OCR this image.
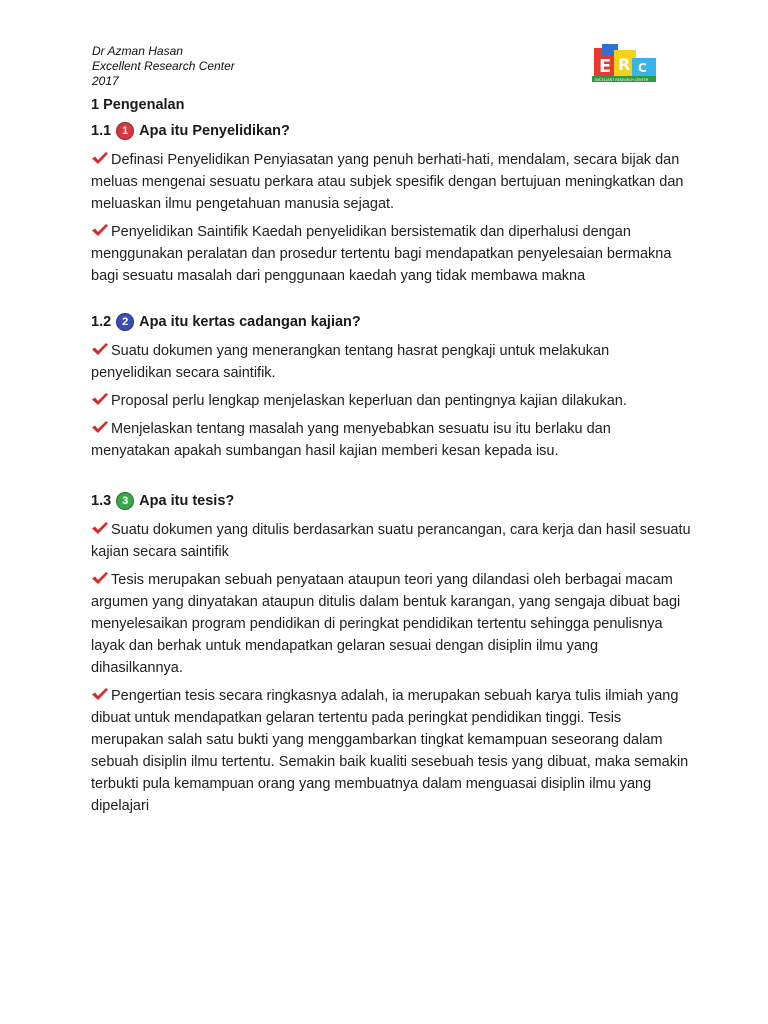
Dr Azman Hasan
Excellent Research Center
2017
E R C
EXCELLENT RESEARCH CENTER
1 Pengenalan
1.1 1 Apa itu Penyelidikan?
Definasi Penyelidikan Penyiasatan yang penuh berhati-hati, mendalam, secara bijak dan meluas mengenai sesuatu perkara atau subjek spesifik dengan bertujuan meningkatkan dan meluaskan ilmu pengetahuan manusia sejagat.
Penyelidikan Saintifik Kaedah penyelidikan bersistematik dan diperhalusi dengan menggunakan peralatan dan prosedur tertentu bagi mendapatkan penyelesaian bermakna bagi sesuatu masalah dari penggunaan kaedah yang tidak membawa makna
1.2 2 Apa itu kertas cadangan kajian?
Suatu dokumen yang menerangkan tentang hasrat pengkaji untuk melakukan penyelidikan secara saintifik.
Proposal perlu lengkap menjelaskan keperluan dan pentingnya kajian dilakukan.
Menjelaskan tentang masalah yang menyebabkan sesuatu isu itu berlaku dan menyatakan apakah sumbangan hasil kajian memberi kesan kepada isu.
1.3 3 Apa itu tesis?
Suatu dokumen yang ditulis berdasarkan suatu perancangan, cara kerja dan hasil sesuatu kajian secara saintifik
Tesis merupakan sebuah penyataan ataupun teori yang dilandasi oleh berbagai macam argumen yang dinyatakan ataupun ditulis dalam bentuk karangan, yang sengaja dibuat bagi menyelesaikan program pendidikan di peringkat pendidikan tertentu sehingga penulisnya layak dan berhak untuk mendapatkan gelaran sesuai dengan disiplin ilmu yang dihasilkannya.
Pengertian tesis secara ringkasnya adalah, ia merupakan sebuah karya tulis ilmiah yang dibuat untuk mendapatkan gelaran tertentu pada peringkat pendidikan tinggi. Tesis merupakan salah satu bukti yang menggambarkan tingkat kemampuan seseorang dalam sebuah disiplin ilmu tertentu. Semakin baik kualiti sesebuah tesis yang dibuat, maka semakin terbukti pula kemampuan orang yang membuatnya dalam menguasai disiplin ilmu yang dipelajari
